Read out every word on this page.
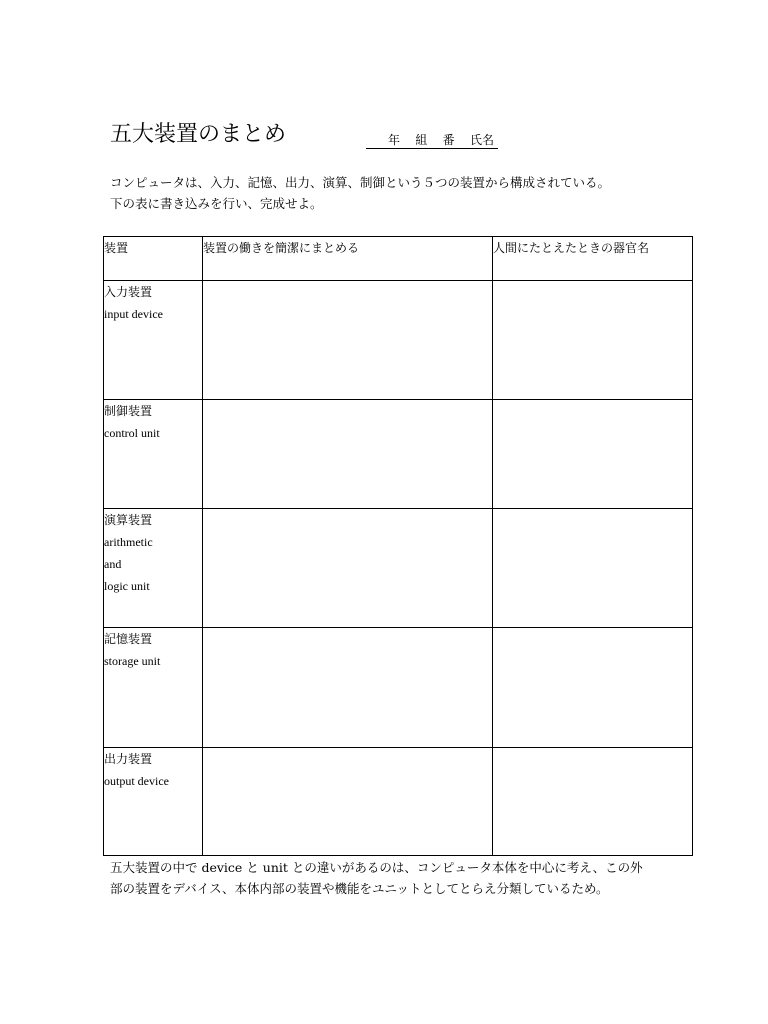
五大装置のまとめ	年 組 番 氏名
コンピュータは、入力、記憶、出力、演算、制御という５つの装置から構成されている。
下の表に書き込みを行い、完成せよ。
装置	装置の働きを簡潔にまとめる	人間にたとえたときの器官名

入力装置
input device		

制御装置
control unit		

演算装置
arithmetic
and
logic unit		

記憶装置
storage unit		

出力装置
output device		

五大装置の中で device と unit との違いがあるのは、コンピュータ本体を中心に考え、この外
部の装置をデバイス、本体内部の装置や機能をユニットとしてとらえ分類しているため。
